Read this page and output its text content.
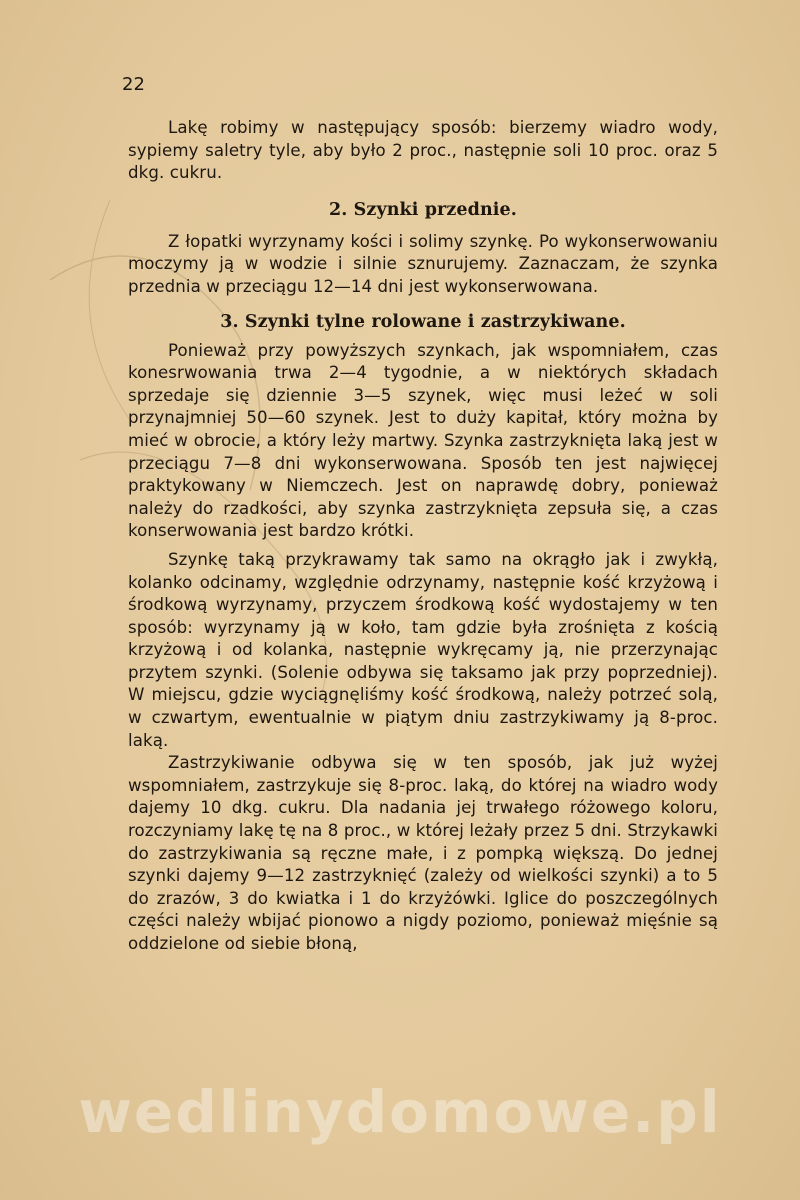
22

Lakę robimy w następujący sposób: bierzemy wiadro wody, sypiemy saletry tyle, aby było 2 proc., następnie soli 10 proc. oraz 5 dkg. cukru.

2. Szynki przednie.

Z łopatki wyrzynamy kości i solimy szynkę. Po wykonserwowaniu moczymy ją w wodzie i silnie sznurujemy. Zaznaczam, że szynka przednia w przeciągu 12—14 dni jest wykonserwowana.

3. Szynki tylne rolowane i zastrzykiwane.

Ponieważ przy powyższych szynkach, jak wspomniałem, czas konesrwowania trwa 2—4 tygodnie, a w niektórych składach sprzedaje się dziennie 3—5 szynek, więc musi leżeć w soli przynajmniej 50—60 szynek. Jest to duży kapitał, który można by mieć w obrocie, a który leży martwy. Szynka zastrzyknięta laką jest w przeciągu 7—8 dni wykonserwowana. Sposób ten jest najwięcej praktykowany w Niemczech. Jest on naprawdę dobry, ponieważ należy do rzadkości, aby szynka zastrzyknięta zepsuła się, a czas konserwowania jest bardzo krótki.

Szynkę taką przykrawamy tak samo na okrągło jak i zwykłą, kolanko odcinamy, względnie odrzynamy, następnie kość krzyżową i środkową wyrzynamy, przyczem środkową kość wydostajemy w ten sposób: wyrzynamy ją w koło, tam gdzie była zrośnięta z kością krzyżową i od kolanka, następnie wykręcamy ją, nie przerzynając przytem szynki. (Solenie odbywa się taksamo jak przy poprzedniej). W miejscu, gdzie wyciągnęliśmy kość środkową, należy potrzeć solą, w czwartym, ewentualnie w piątym dniu zastrzykiwamy ją 8-proc. laką.

Zastrzykiwanie odbywa się w ten sposób, jak już wyżej wspomniałem, zastrzykuje się 8-proc. laką, do której na wiadro wody dajemy 10 dkg. cukru. Dla nadania jej trwałego różowego koloru, rozczyniamy lakę tę na 8 proc., w której leżały przez 5 dni. Strzykawki do zastrzykiwania są ręczne małe, i z pompką większą. Do jednej szynki dajemy 9—12 zastrzyknięć (zależy od wielkości szynki) a to 5 do zrazów, 3 do kwiatka i 1 do krzyżówki. Iglice do poszczególnych części należy wbijać pionowo a nigdy poziomo, ponieważ mięśnie są oddzielone od siebie błoną,

wedlinydomowe.pl
